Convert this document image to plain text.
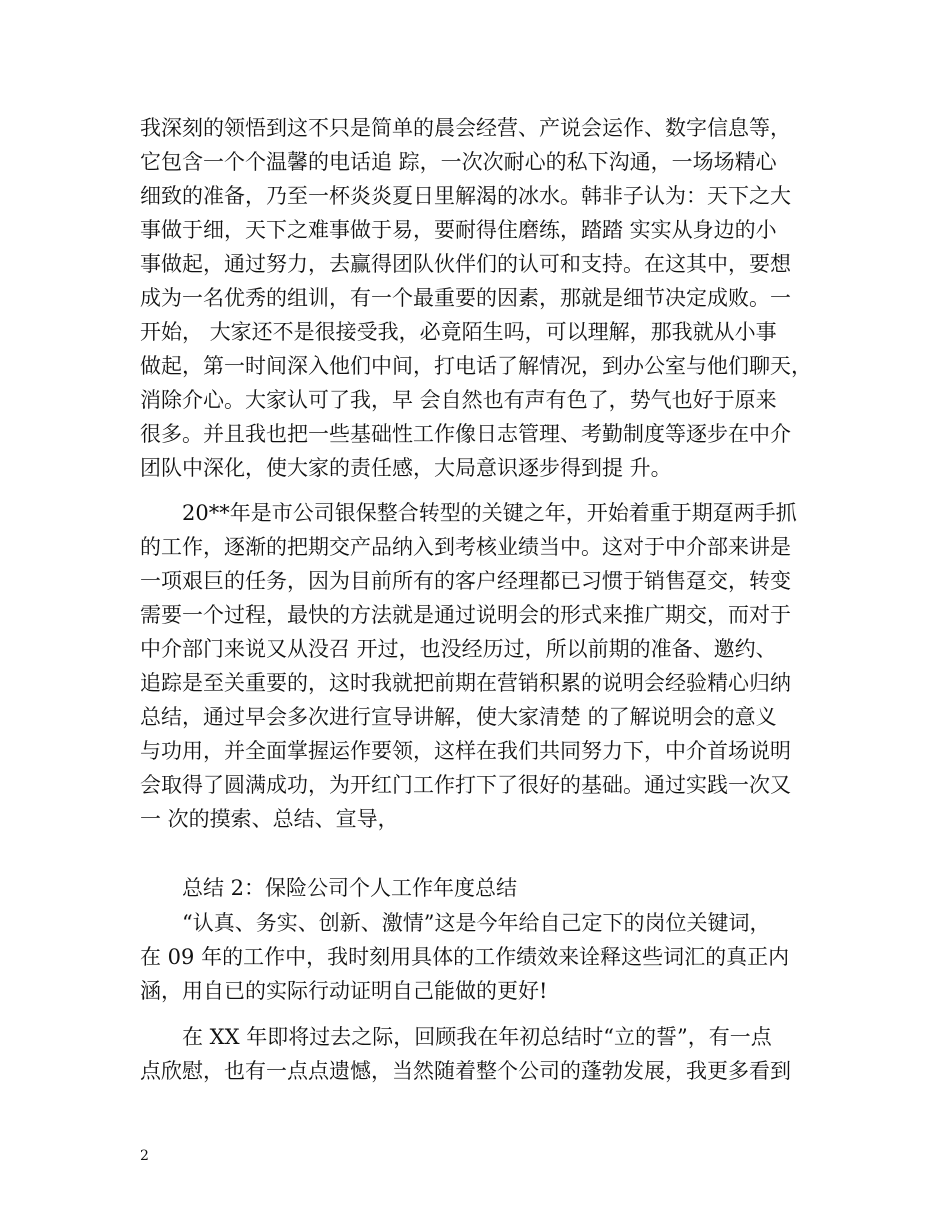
我深刻的领悟到这不只是简单的晨会经营、产说会运作、数字信息等，
它包含一个个温馨的电话追 踪，一次次耐心的私下沟通，一场场精心
细致的准备，乃至一杯炎炎夏日里解渴的冰水。韩非子认为：天下之大
事做于细，天下之难事做于易，要耐得住磨练，踏踏 实实从身边的小
事做起，通过努力，去赢得团队伙伴们的认可和支持。在这其中，要想
成为一名优秀的组训，有一个最重要的因素，那就是细节决定成败。一
开始， 大家还不是很接受我，必竟陌生吗，可以理解，那我就从小事
做起，第一时间深入他们中间，打电话了解情况，到办公室与他们聊天，
消除介心。大家认可了我，早 会自然也有声有色了，势气也好于原来
很多。并且我也把一些基础性工作像日志管理、考勤制度等逐步在中介
团队中深化，使大家的责任感，大局意识逐步得到提 升。
　　20**年是市公司银保整合转型的关键之年，开始着重于期趸两手抓
的工作，逐渐的把期交产品纳入到考核业绩当中。这对于中介部来讲是
一项艰巨的任务，因为目前所有的客户经理都已习惯于销售趸交，转变
需要一个过程，最快的方法就是通过说明会的形式来推广期交，而对于
中介部门来说又从没召 开过，也没经历过，所以前期的准备、邀约、
追踪是至关重要的，这时我就把前期在营销积累的说明会经验精心归纳
总结，通过早会多次进行宣导讲解，使大家清楚 的了解说明会的意义
与功用，并全面掌握运作要领，这样在我们共同努力下，中介首场说明
会取得了圆满成功，为开红门工作打下了很好的基础。通过实践一次又
一 次的摸索、总结、宣导，
　　总结 2：保险公司个人工作年度总结
　　“认真、务实、创新、激情”这是今年给自己定下的岗位关键词，
在 09 年的工作中，我时刻用具体的工作绩效来诠释这些词汇的真正内
涵，用自已的实际行动证明自己能做的更好!
　　在 XX 年即将过去之际，回顾我在年初总结时“立的誓”，有一点
点欣慰，也有一点点遗憾，当然随着整个公司的蓬勃发展，我更多看到
2
